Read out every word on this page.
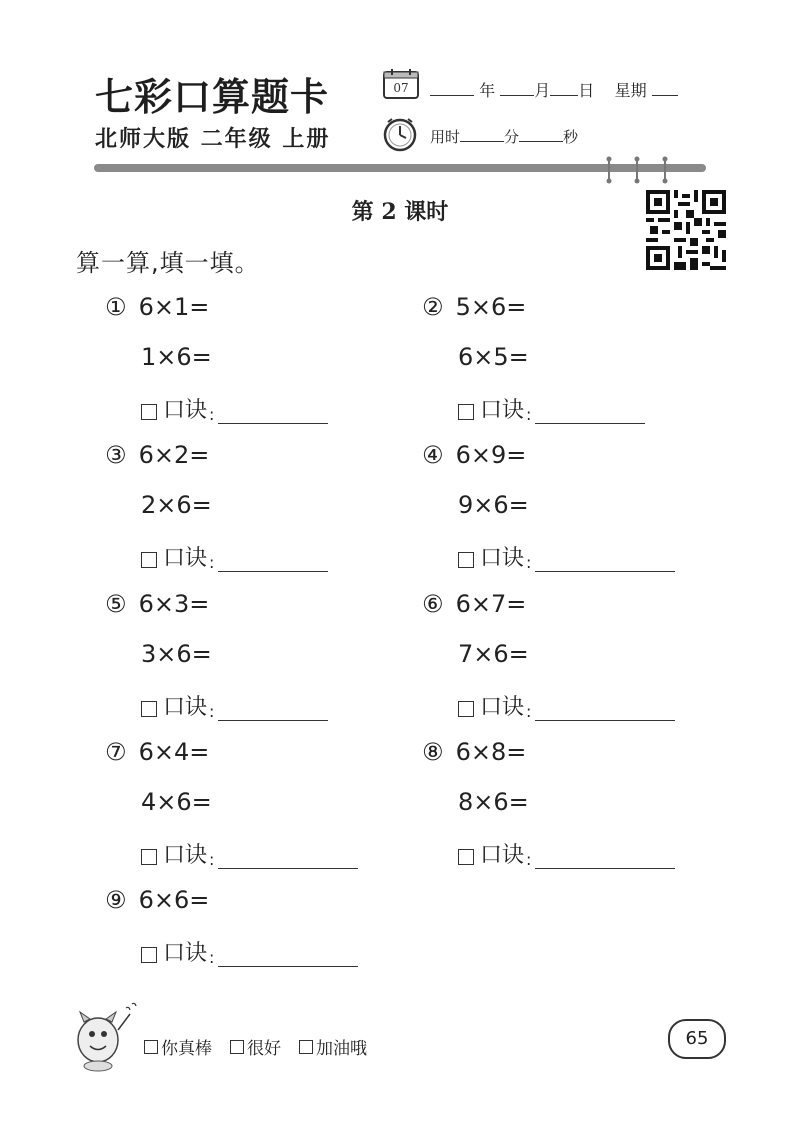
七彩口算题卡
北师大版 二年级 上册
07	年 月 日 星期
用时	分	秒
第 2 课时
算一算,填一填。
① 6×1=
1×6=
口诀 :
② 5×6=
6×5=
口诀 :
③ 6×2=
2×6=
口诀 :
④ 6×9=
9×6=
口诀 :
⑤ 6×3=
3×6=
口诀 :
⑥ 6×7=
7×6=
口诀 :
⑦ 6×4=
4×6=
口诀 :
⑧ 6×8=
8×6=
口诀 :
⑨ 6×6=
口诀 :
你真棒 很好 加油哦	65
